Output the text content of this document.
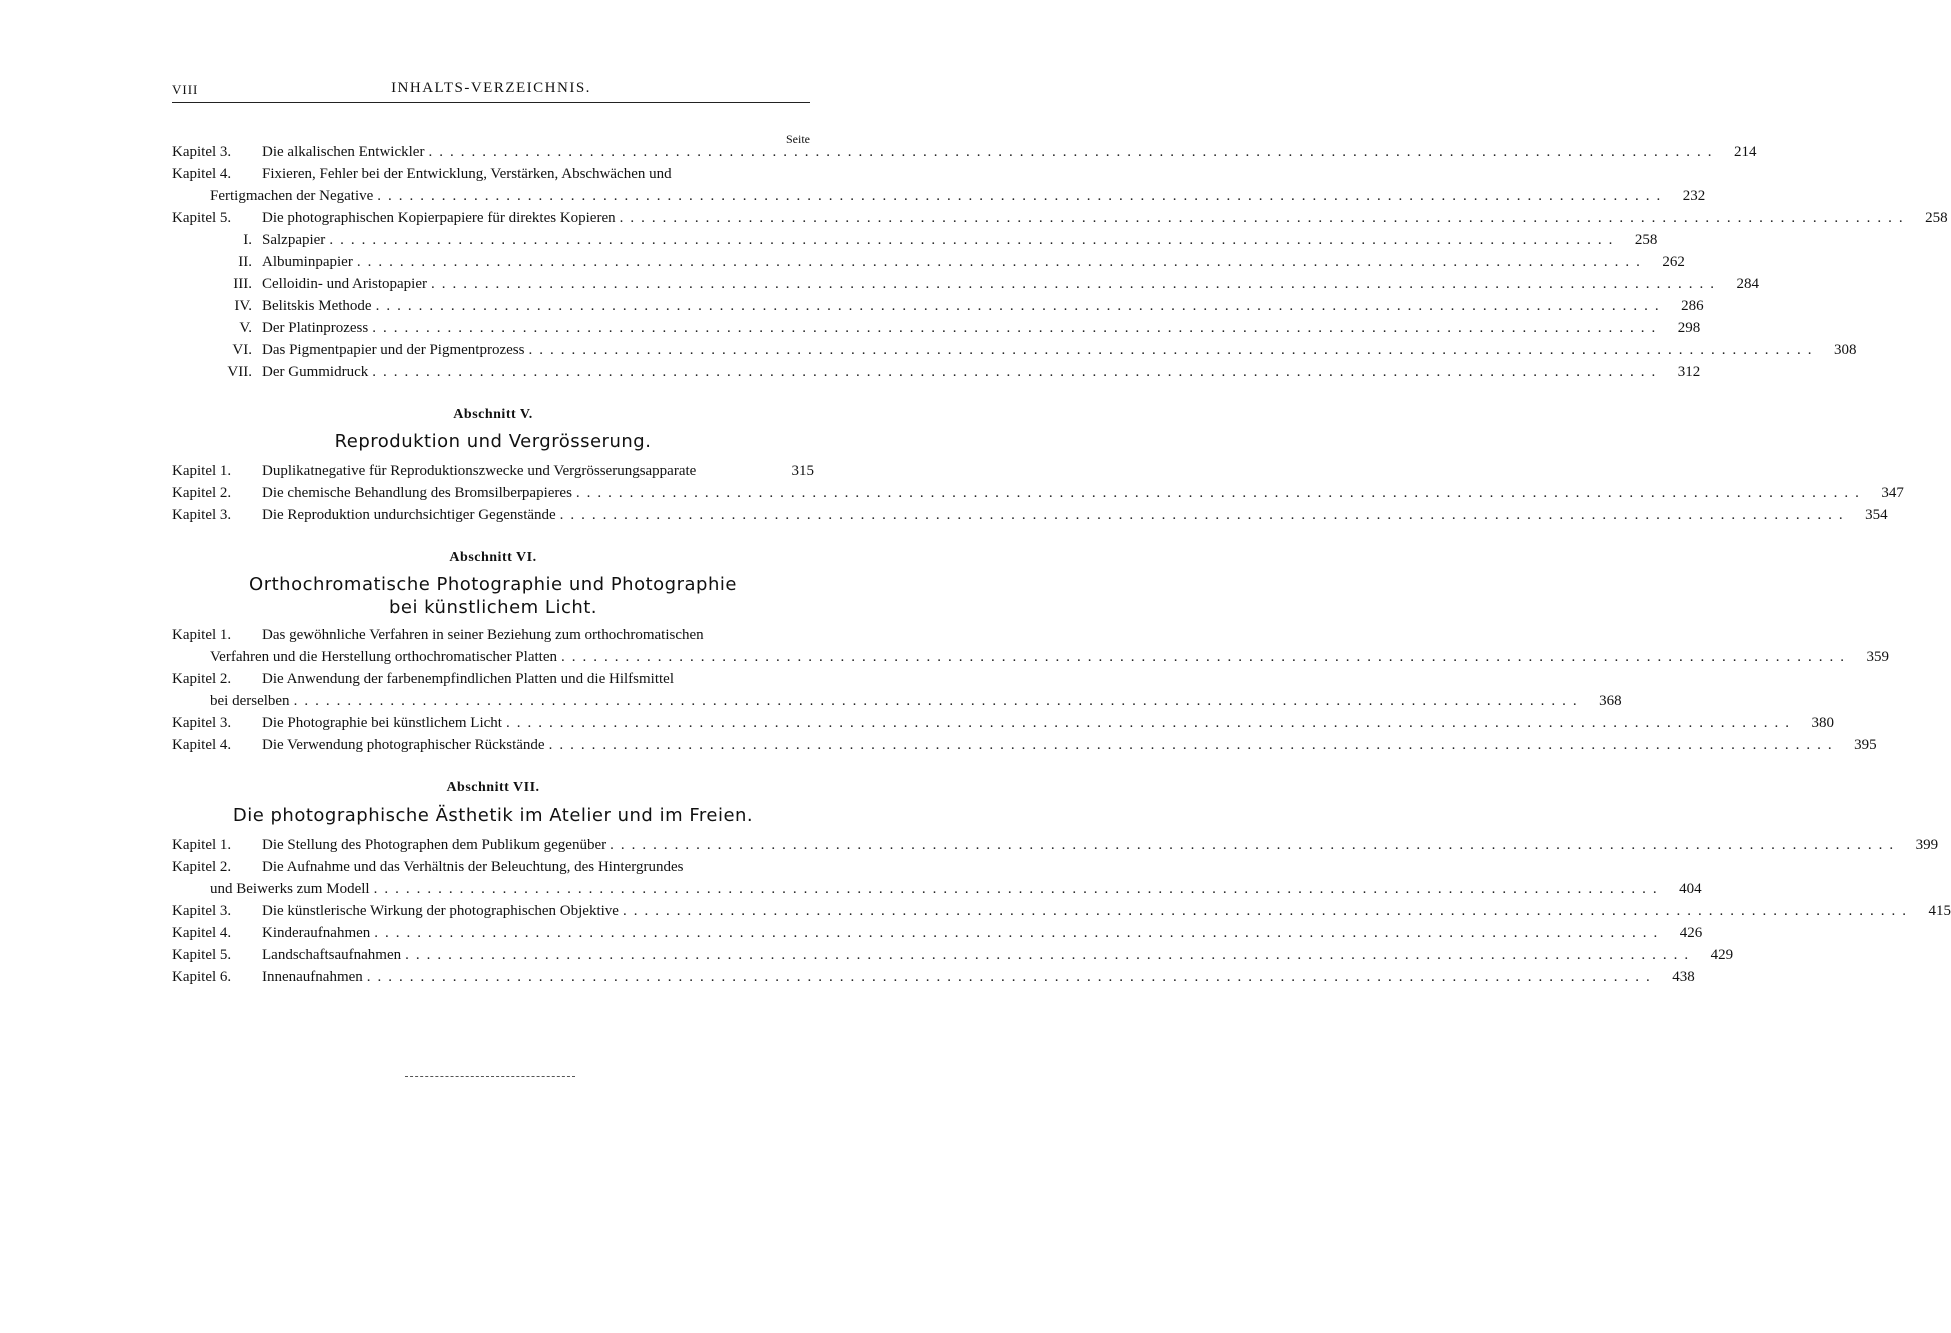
VIII	INHALTS-VERZEICHNIS.
Seite
Kapitel 3.	Die alkalischen Entwickler ........................................................................................................................	214
Kapitel 4.	Fixieren, Fehler bei der Entwicklung, Verstärken, Abschwächen und
Fertigmachen der Negative ........................................................................................................................	232
Kapitel 5.	Die photographischen Kopierpapiere für direktes Kopieren ........................................................................................................................	258
I. Salzpapier ........................................................................................................................	258
II. Albuminpapier ........................................................................................................................	262
III. Celloidin- und Aristopapier ........................................................................................................................	284
IV. Belitskis Methode ........................................................................................................................	286
V. Der Platinprozess ........................................................................................................................	298
VI. Das Pigmentpapier und der Pigmentprozess ........................................................................................................................	308
VII. Der Gummidruck ........................................................................................................................	312
Abschnitt V.
Reproduktion und Vergrösserung.
Kapitel 1.	Duplikatnegative für Reproduktionszwecke und Vergrösserungsapparate	315
Kapitel 2.	Die chemische Behandlung des Bromsilberpapieres ........................................................................................................................	347
Kapitel 3.	Die Reproduktion undurchsichtiger Gegenstände ........................................................................................................................	354
Abschnitt VI.
Orthochromatische Photographie und Photographie
bei künstlichem Licht.
Kapitel 1.	Das gewöhnliche Verfahren in seiner Beziehung zum orthochromatischen
Verfahren und die Herstellung orthochromatischer Platten ........................................................................................................................	359
Kapitel 2.	Die Anwendung der farbenempfindlichen Platten und die Hilfsmittel
bei derselben ........................................................................................................................	368
Kapitel 3.	Die Photographie bei künstlichem Licht ........................................................................................................................	380
Kapitel 4.	Die Verwendung photographischer Rückstände ........................................................................................................................	395
Abschnitt VII.
Die photographische Ästhetik im Atelier und im Freien.
Kapitel 1.	Die Stellung des Photographen dem Publikum gegenüber ........................................................................................................................	399
Kapitel 2.	Die Aufnahme und das Verhältnis der Beleuchtung, des Hintergrundes
und Beiwerks zum Modell ........................................................................................................................	404
Kapitel 3.	Die künstlerische Wirkung der photographischen Objektive ........................................................................................................................	415
Kapitel 4.	Kinderaufnahmen ........................................................................................................................	426
Kapitel 5.	Landschaftsaufnahmen ........................................................................................................................	429
Kapitel 6.	Innenaufnahmen ........................................................................................................................	438
